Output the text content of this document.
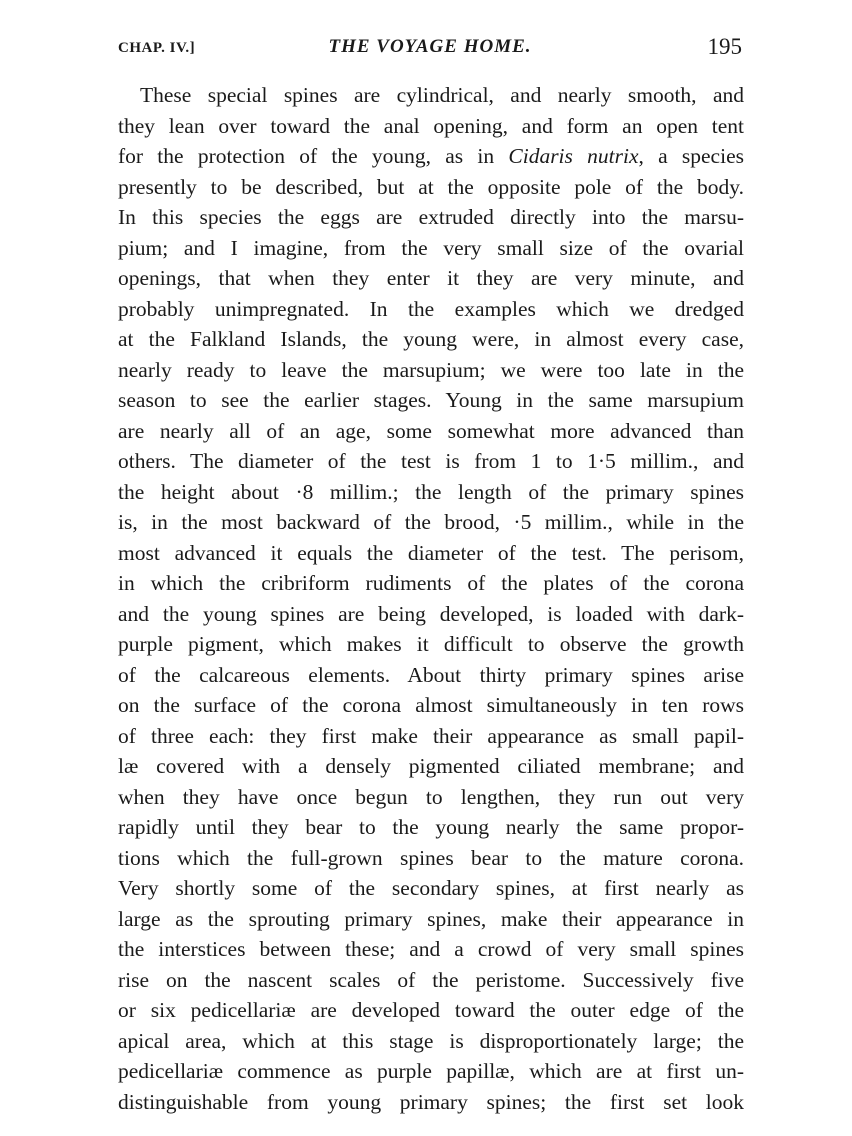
CHAP. IV.]	THE VOYAGE HOME.	195
These special spines are cylindrical, and nearly smooth, and
they lean over toward the anal opening, and form an open tent
for the protection of the young, as in Cidaris nutrix, a species
presently to be described, but at the opposite pole of the body.
In this species the eggs are extruded directly into the marsu-
pium; and I imagine, from the very small size of the ovarial
openings, that when they enter it they are very minute, and
probably unimpregnated. In the examples which we dredged
at the Falkland Islands, the young were, in almost every case,
nearly ready to leave the marsupium; we were too late in the
season to see the earlier stages. Young in the same marsupium
are nearly all of an age, some somewhat more advanced than
others. The diameter of the test is from 1 to 1·5 millim., and
the height about ·8 millim.; the length of the primary spines
is, in the most backward of the brood, ·5 millim., while in the
most advanced it equals the diameter of the test. The perisom,
in which the cribriform rudiments of the plates of the corona
and the young spines are being developed, is loaded with dark-
purple pigment, which makes it difficult to observe the growth
of the calcareous elements. About thirty primary spines arise
on the surface of the corona almost simultaneously in ten rows
of three each: they first make their appearance as small papil-
læ covered with a densely pigmented ciliated membrane; and
when they have once begun to lengthen, they run out very
rapidly until they bear to the young nearly the same propor-
tions which the full-grown spines bear to the mature corona.
Very shortly some of the secondary spines, at first nearly as
large as the sprouting primary spines, make their appearance in
the interstices between these; and a crowd of very small spines
rise on the nascent scales of the peristome. Successively five
or six pedicellariæ are developed toward the outer edge of the
apical area, which at this stage is disproportionately large; the
pedicellariæ commence as purple papillæ, which are at first un-
distinguishable from young primary spines; the first set look
